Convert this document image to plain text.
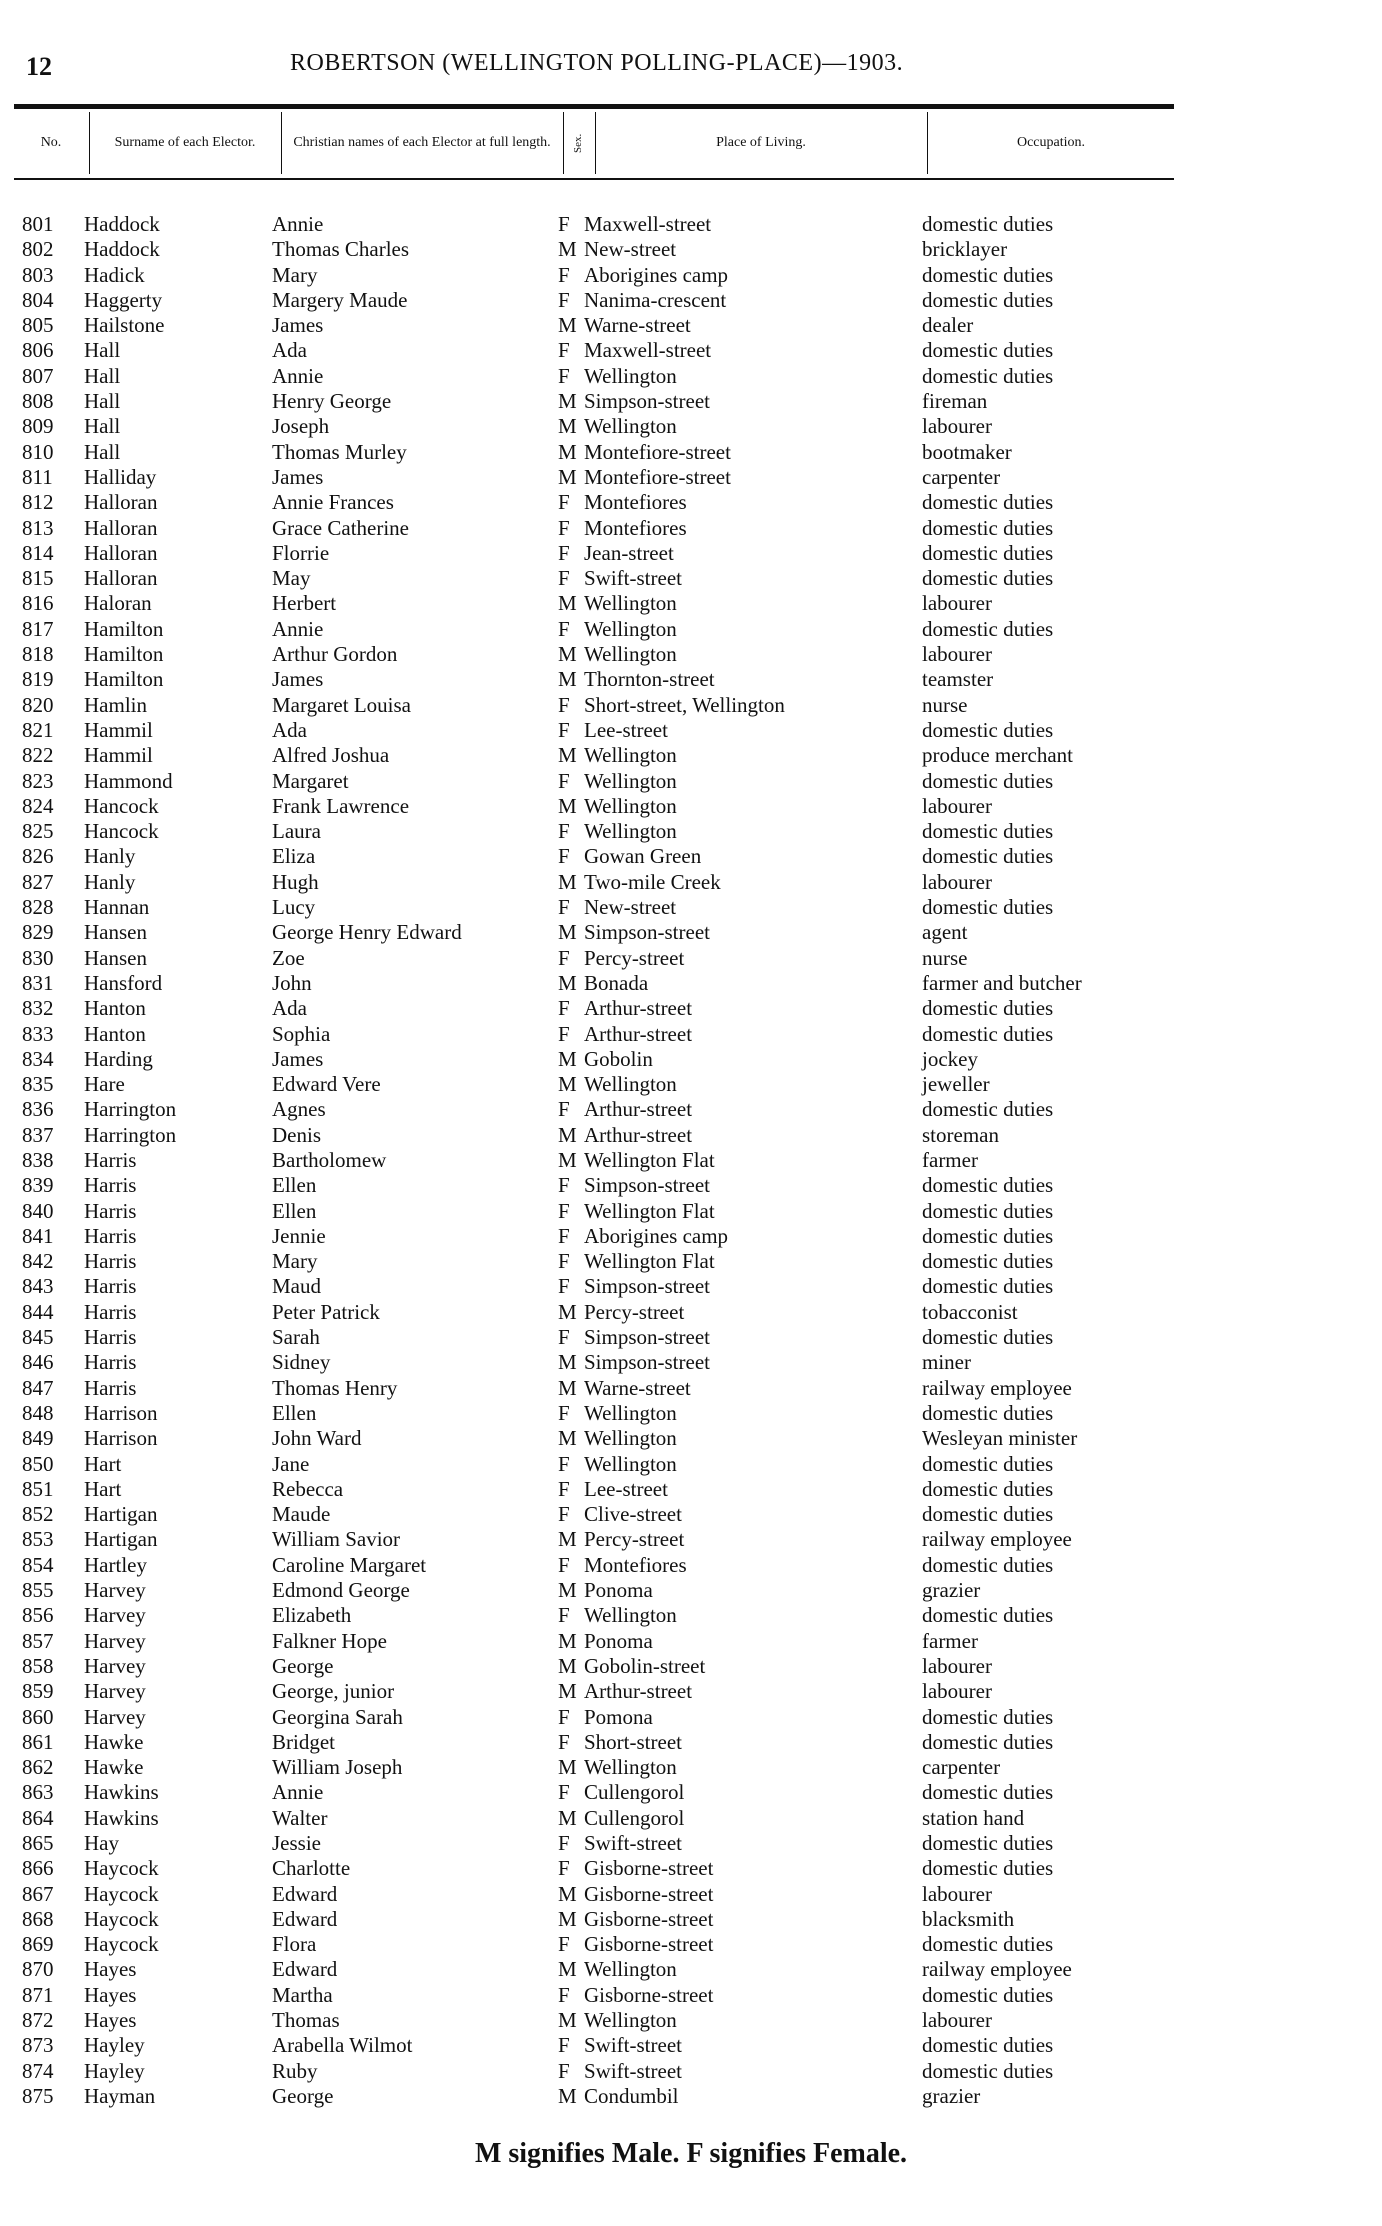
12	ROBERTSON (WELLINGTON POLLING-PLACE)—1903.
No.	Surname of each Elector.	Christian names of each Elector at full length.	Sex.	Place of Living.	Occupation.
801	Haddock	Annie	F Maxwell-street	domestic duties
802	Haddock	Thomas Charles	M New-street	bricklayer
803	Hadick	Mary	F Aborigines camp	domestic duties
804	Haggerty	Margery Maude	F Nanima-crescent	domestic duties
805	Hailstone	James	M Warne-street	dealer
806	Hall	Ada	F Maxwell-street	domestic duties
807	Hall	Annie	F Wellington	domestic duties
808	Hall	Henry George	M Simpson-street	fireman
809	Hall	Joseph	M Wellington	labourer
810	Hall	Thomas Murley	M Montefiore-street	bootmaker
811	Halliday	James	M Montefiore-street	carpenter
812	Halloran	Annie Frances	F Montefiores	domestic duties
813	Halloran	Grace Catherine	F Montefiores	domestic duties
814	Halloran	Florrie	F Jean-street	domestic duties
815	Halloran	May	F Swift-street	domestic duties
816	Haloran	Herbert	M Wellington	labourer
817	Hamilton	Annie	F Wellington	domestic duties
818	Hamilton	Arthur Gordon	M Wellington	labourer
819	Hamilton	James	M Thornton-street	teamster
820	Hamlin	Margaret Louisa	F Short-street, Wellington	nurse
821	Hammil	Ada	F Lee-street	domestic duties
822	Hammil	Alfred Joshua	M Wellington	produce merchant
823	Hammond	Margaret	F Wellington	domestic duties
824	Hancock	Frank Lawrence	M Wellington	labourer
825	Hancock	Laura	F Wellington	domestic duties
826	Hanly	Eliza	F Gowan Green	domestic duties
827	Hanly	Hugh	M Two-mile Creek	labourer
828	Hannan	Lucy	F New-street	domestic duties
829	Hansen	George Henry Edward	M Simpson-street	agent
830	Hansen	Zoe	F Percy-street	nurse
831	Hansford	John	M Bonada	farmer and butcher
832	Hanton	Ada	F Arthur-street	domestic duties
833	Hanton	Sophia	F Arthur-street	domestic duties
834	Harding	James	M Gobolin	jockey
835	Hare	Edward Vere	M Wellington	jeweller
836	Harrington	Agnes	F Arthur-street	domestic duties
837	Harrington	Denis	M Arthur-street	storeman
838	Harris	Bartholomew	M Wellington Flat	farmer
839	Harris	Ellen	F Simpson-street	domestic duties
840	Harris	Ellen	F Wellington Flat	domestic duties
841	Harris	Jennie	F Aborigines camp	domestic duties
842	Harris	Mary	F Wellington Flat	domestic duties
843	Harris	Maud	F Simpson-street	domestic duties
844	Harris	Peter Patrick	M Percy-street	tobacconist
845	Harris	Sarah	F Simpson-street	domestic duties
846	Harris	Sidney	M Simpson-street	miner
847	Harris	Thomas Henry	M Warne-street	railway employee
848	Harrison	Ellen	F Wellington	domestic duties
849	Harrison	John Ward	M Wellington	Wesleyan minister
850	Hart	Jane	F Wellington	domestic duties
851	Hart	Rebecca	F Lee-street	domestic duties
852	Hartigan	Maude	F Clive-street	domestic duties
853	Hartigan	William Savior	M Percy-street	railway employee
854	Hartley	Caroline Margaret	F Montefiores	domestic duties
855	Harvey	Edmond George	M Ponoma	grazier
856	Harvey	Elizabeth	F Wellington	domestic duties
857	Harvey	Falkner Hope	M Ponoma	farmer
858	Harvey	George	M Gobolin-street	labourer
859	Harvey	George, junior	M Arthur-street	labourer
860	Harvey	Georgina Sarah	F Pomona	domestic duties
861	Hawke	Bridget	F Short-street	domestic duties
862	Hawke	William Joseph	M Wellington	carpenter
863	Hawkins	Annie	F Cullengorol	domestic duties
864	Hawkins	Walter	M Cullengorol	station hand
865	Hay	Jessie	F Swift-street	domestic duties
866	Haycock	Charlotte	F Gisborne-street	domestic duties
867	Haycock	Edward	M Gisborne-street	labourer
868	Haycock	Edward	M Gisborne-street	blacksmith
869	Haycock	Flora	F Gisborne-street	domestic duties
870	Hayes	Edward	M Wellington	railway employee
871	Hayes	Martha	F Gisborne-street	domestic duties
872	Hayes	Thomas	M Wellington	labourer
873	Hayley	Arabella Wilmot	F Swift-street	domestic duties
874	Hayley	Ruby	F Swift-street	domestic duties
875	Hayman	George	M Condumbil	grazier
M signifies Male. F signifies Female.
